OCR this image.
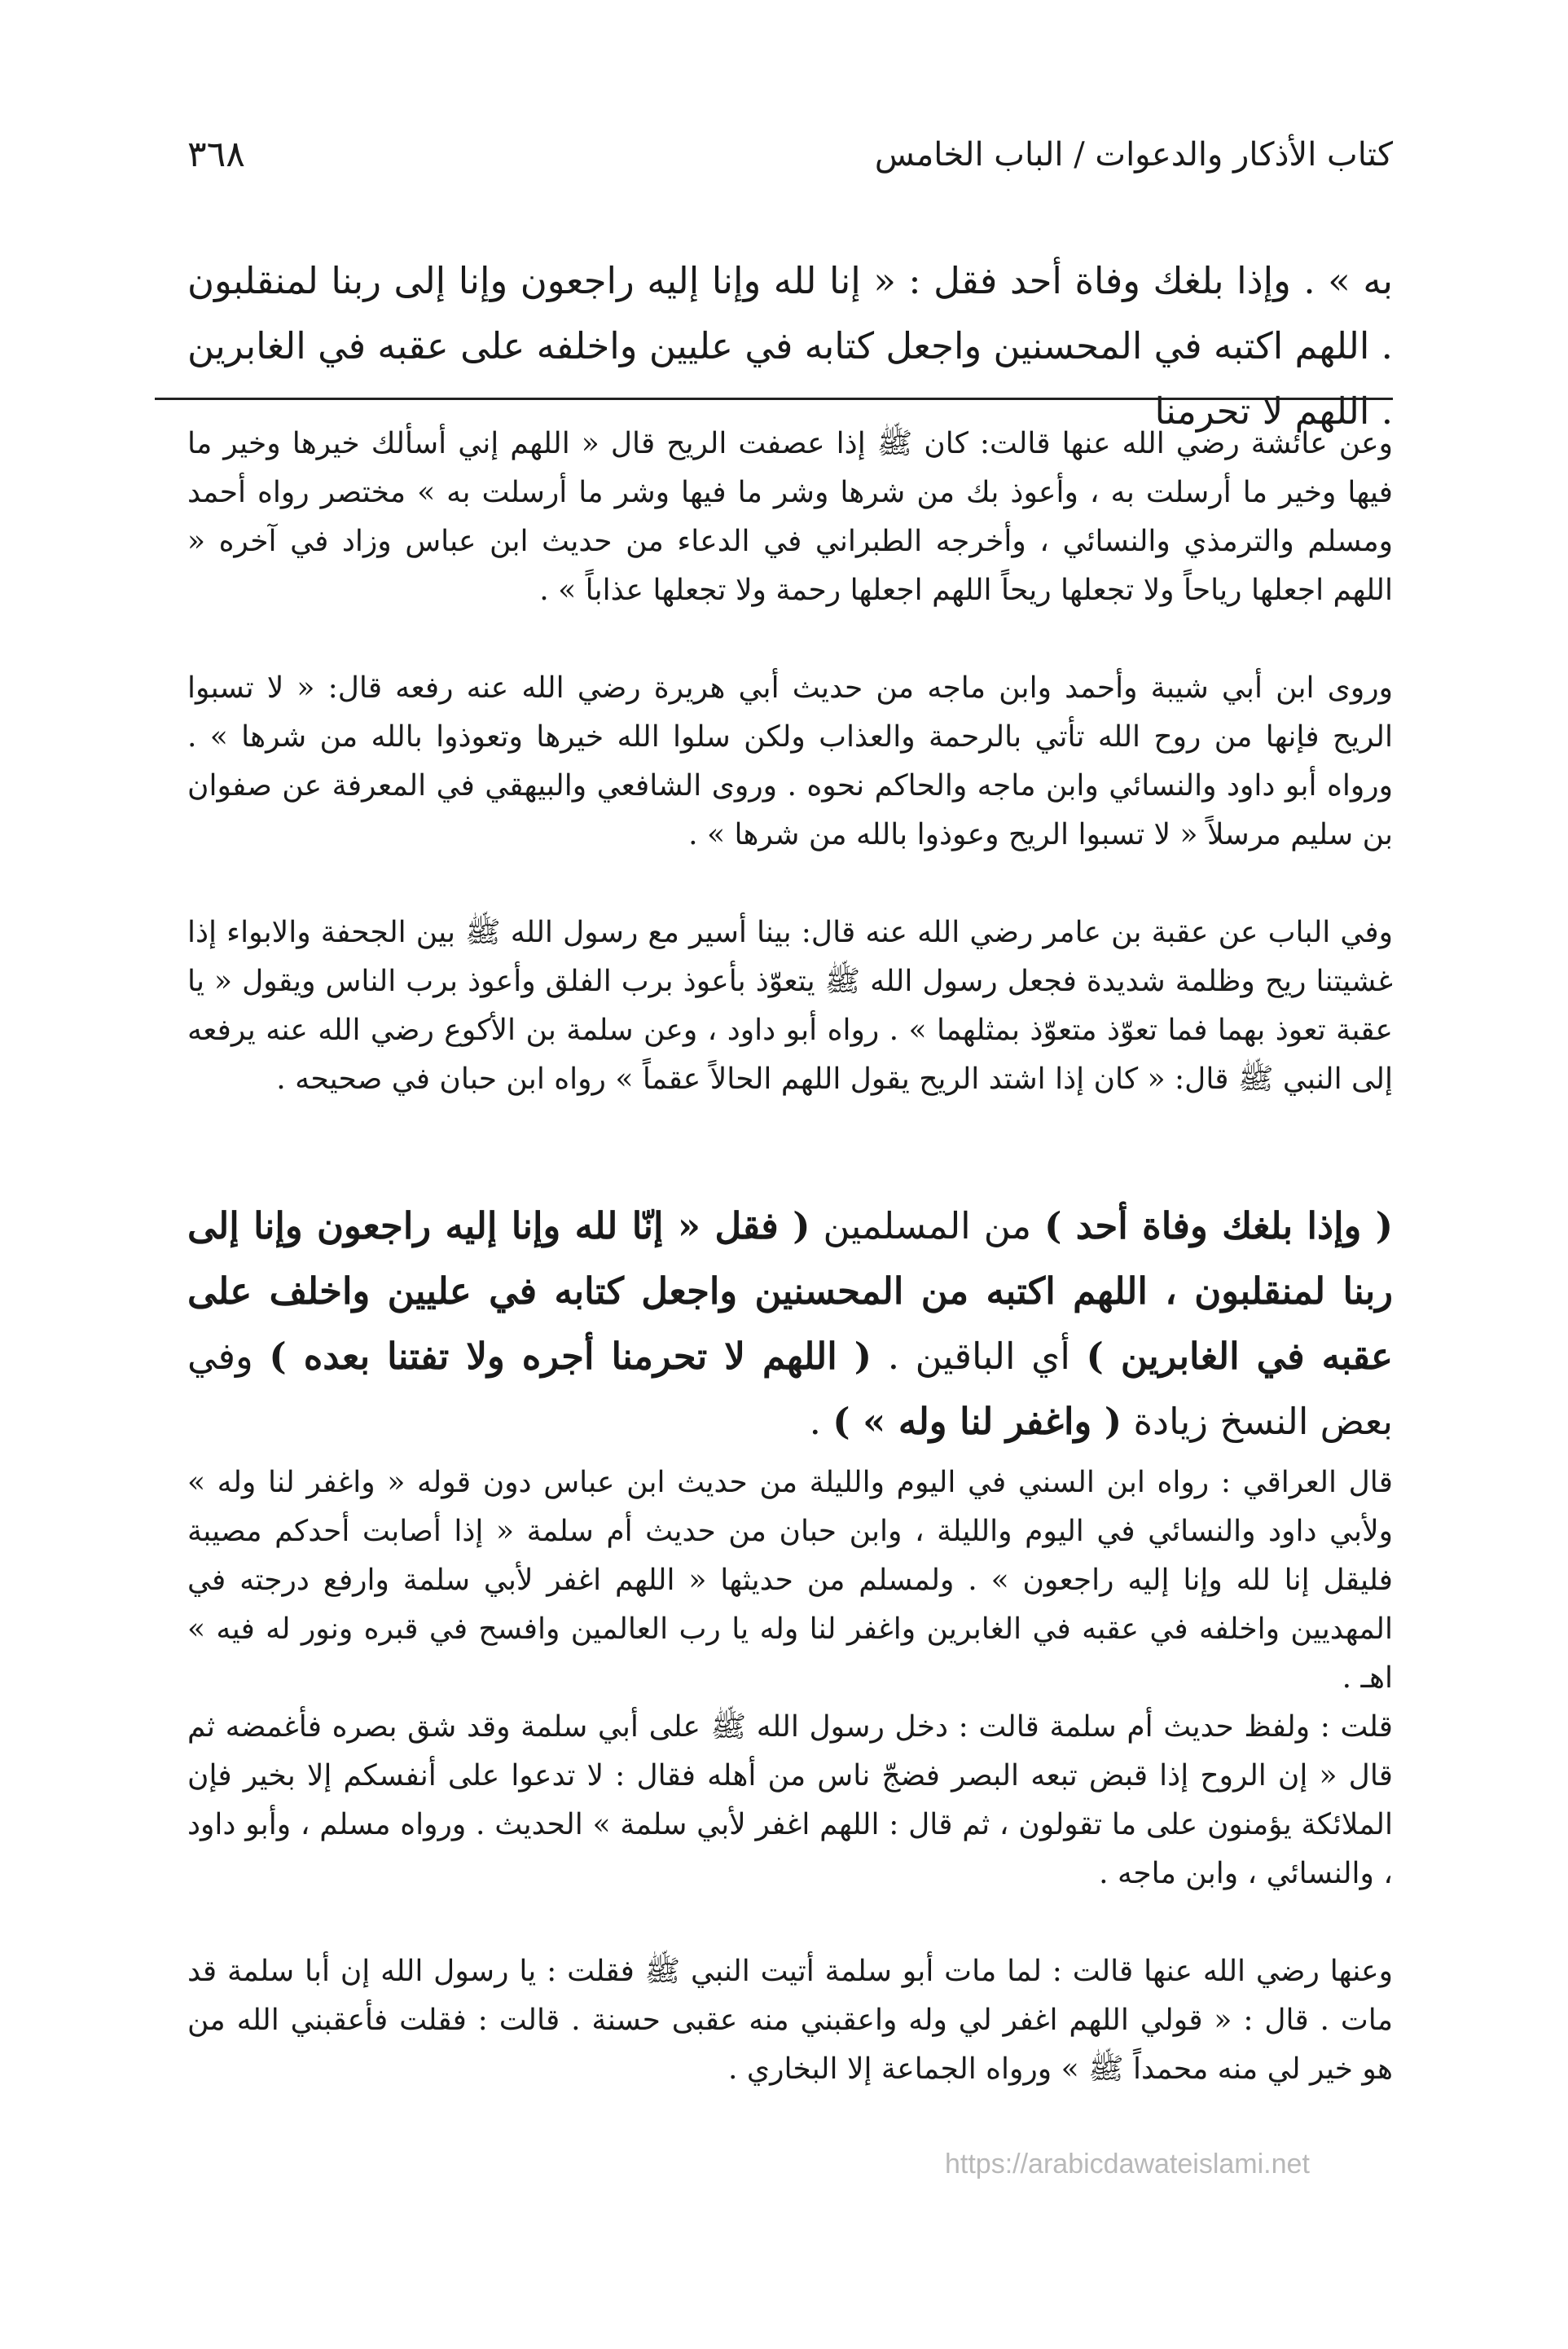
كتاب الأذكار والدعوات / الباب الخامس
٣٦٨
به » . وإذا بلغك وفاة أحد فقل : « إنا لله وإنا إليه راجعون وإنا إلى ربنا لمنقلبون . اللهم اكتبه في المحسنين واجعل كتابه في عليين واخلفه على عقبه في الغابرين . اللهم لا تحرمنا
وعن عائشة رضي الله عنها قالت: كان ﷺ إذا عصفت الريح قال « اللهم إني أسألك خيرها وخير ما فيها وخير ما أرسلت به ، وأعوذ بك من شرها وشر ما فيها وشر ما أرسلت به » مختصر رواه أحمد ومسلم والترمذي والنسائي ، وأخرجه الطبراني في الدعاء من حديث ابن عباس وزاد في آخره « اللهم اجعلها رياحاً ولا تجعلها ريحاً اللهم اجعلها رحمة ولا تجعلها عذاباً » .
وروى ابن أبي شيبة وأحمد وابن ماجه من حديث أبي هريرة رضي الله عنه رفعه قال: « لا تسبوا الريح فإنها من روح الله تأتي بالرحمة والعذاب ولكن سلوا الله خيرها وتعوذوا بالله من شرها » . ورواه أبو داود والنسائي وابن ماجه والحاكم نحوه . وروى الشافعي والبيهقي في المعرفة عن صفوان بن سليم مرسلاً « لا تسبوا الريح وعوذوا بالله من شرها » .
وفي الباب عن عقبة بن عامر رضي الله عنه قال: بينا أسير مع رسول الله ﷺ بين الجحفة والابواء إذا غشيتنا ريح وظلمة شديدة فجعل رسول الله ﷺ يتعوّذ بأعوذ برب الفلق وأعوذ برب الناس ويقول « يا عقبة تعوذ بهما فما تعوّذ متعوّذ بمثلهما » . رواه أبو داود ، وعن سلمة بن الأكوع رضي الله عنه يرفعه إلى النبي ﷺ قال: « كان إذا اشتد الريح يقول اللهم الحالاً عقماً » رواه ابن حبان في صحيحه .
( وإذا بلغك وفاة أحد ) من المسلمين ( فقل « إنّا لله وإنا إليه راجعون وإنا إلى ربنا لمنقلبون ، اللهم اكتبه من المحسنين واجعل كتابه في عليين واخلف على عقبه في الغابرين ) أي الباقين . ( اللهم لا تحرمنا أجره ولا تفتنا بعده ) وفي بعض النسخ زيادة ( واغفر لنا وله » ) .
قال العراقي : رواه ابن السني في اليوم والليلة من حديث ابن عباس دون قوله « واغفر لنا وله » ولأبي داود والنسائي في اليوم والليلة ، وابن حبان من حديث أم سلمة « إذا أصابت أحدكم مصيبة فليقل إنا لله وإنا إليه راجعون » . ولمسلم من حديثها « اللهم اغفر لأبي سلمة وارفع درجته في المهديين واخلفه في عقبه في الغابرين واغفر لنا وله يا رب العالمين وافسح في قبره ونور له فيه » اهـ .
قلت : ولفظ حديث أم سلمة قالت : دخل رسول الله ﷺ على أبي سلمة وقد شق بصره فأغمضه ثم قال « إن الروح إذا قبض تبعه البصر فضجّ ناس من أهله فقال : لا تدعوا على أنفسكم إلا بخير فإن الملائكة يؤمنون على ما تقولون ، ثم قال : اللهم اغفر لأبي سلمة » الحديث . ورواه مسلم ، وأبو داود ، والنسائي ، وابن ماجه .
وعنها رضي الله عنها قالت : لما مات أبو سلمة أتيت النبي ﷺ فقلت : يا رسول الله إن أبا سلمة قد مات . قال : « قولي اللهم اغفر لي وله واعقبني منه عقبى حسنة . قالت : فقلت فأعقبني الله من هو خير لي منه محمداً ﷺ » ورواه الجماعة إلا البخاري .
https://arabicdawateislami.net
